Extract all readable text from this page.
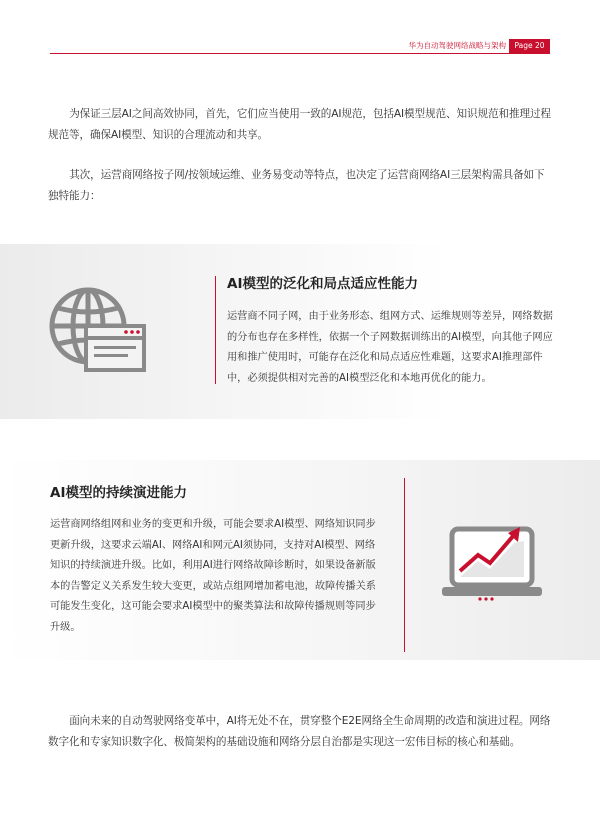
华为自动驾驶网络战略与架构	Page 20

为保证三层AI之间高效协同，首先，它们应当使用一致的AI规范，包括AI模型规范、知识规范和推理过程规范等，确保AI模型、知识的合理流动和共享。

其次，运营商网络按子网/按领域运维、业务易变动等特点，也决定了运营商网络AI三层架构需具备如下独特能力：

AI模型的泛化和局点适应性能力

运营商不同子网，由于业务形态、组网方式、运维规则等差异，网络数据的分布也存在多样性，依据一个子网数据训练出的AI模型，向其他子网应用和推广使用时，可能存在泛化和局点适应性难题，这要求AI推理部件中，必须提供相对完善的AI模型泛化和本地再优化的能力。

AI模型的持续演进能力

运营商网络组网和业务的变更和升级，可能会要求AI模型、网络知识同步更新升级，这要求云端AI、网络AI和网元AI须协同，支持对AI模型、网络知识的持续演进升级。比如，利用AI进行网络故障诊断时，如果设备新版本的告警定义关系发生较大变更，或站点组网增加蓄电池，故障传播关系可能发生变化，这可能会要求AI模型中的聚类算法和故障传播规则等同步升级。

面向未来的自动驾驶网络变革中，AI将无处不在，贯穿整个E2E网络全生命周期的改造和演进过程。网络数字化和专家知识数字化、极简架构的基础设施和网络分层自治都是实现这一宏伟目标的核心和基础。
